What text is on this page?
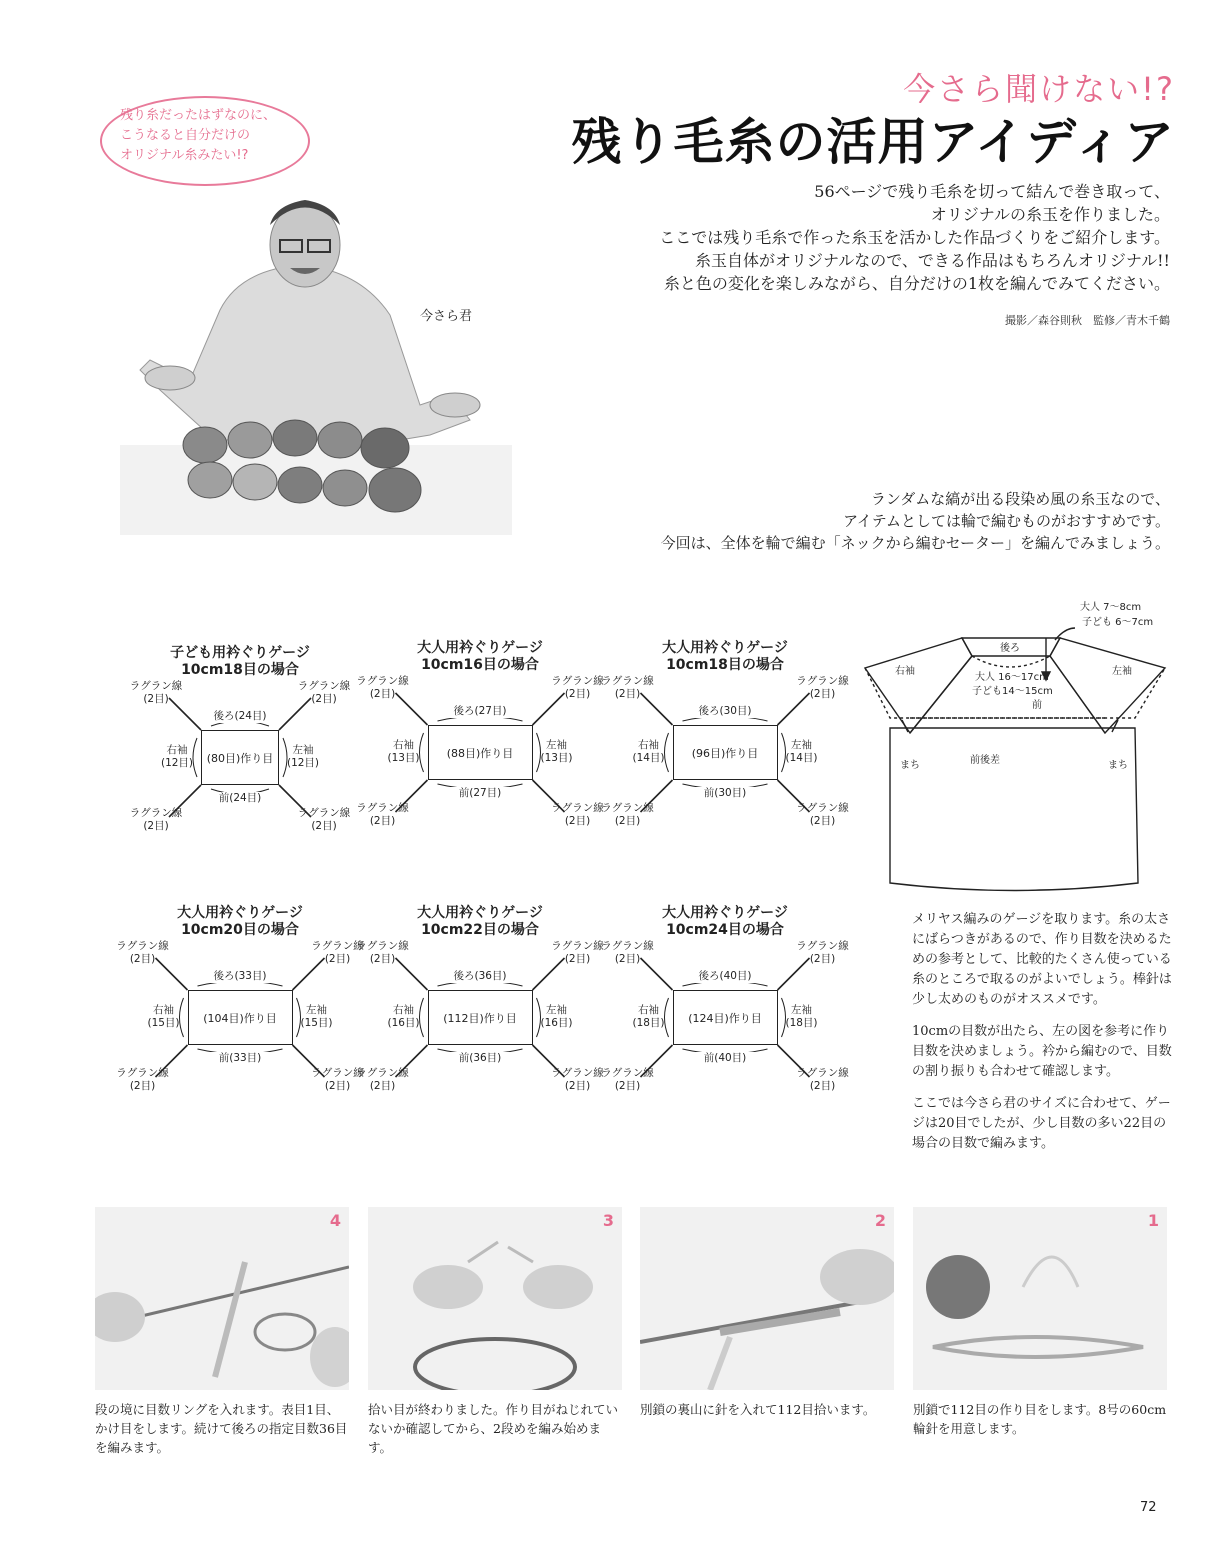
今さら聞けない!?
残り毛糸の活用アイディア
56ページで残り毛糸を切って結んで巻き取って、
オリジナルの糸玉を作りました。
ここでは残り毛糸で作った糸玉を活かした作品づくりをご紹介します。
糸玉自体がオリジナルなので、できる作品はもちろんオリジナル!!
糸と色の変化を楽しみながら、自分だけの1枚を編んでみてください。
撮影／森谷則秋　監修／青木千鶴
残り糸だったはずなのに、
こうなると自分だけの
オリジナル糸みたい!?
今さら君
ランダムな縞が出る段染め風の糸玉なので、
アイテムとしては輪で編むものがおすすめです。
今回は、全体を輪で編む「ネックから編むセーター」を編んでみましょう。
子ども用衿ぐりゲージ
10cm18目の場合
(80目)作り目
後ろ(24目)
前(24目)
右袖
(12目)
左袖
(12目)
ラグラン線
(2目)
ラグラン線
(2目)
ラグラン線
(2目)
ラグラン線
(2目)
大人用衿ぐりゲージ
10cm16目の場合
(88目)作り目
後ろ(27目)
前(27目)
右袖
(13目)
左袖
(13目)
ラグラン線
(2目)
ラグラン線
(2目)
ラグラン線
(2目)
ラグラン線
(2目)
大人用衿ぐりゲージ
10cm18目の場合
(96目)作り目
後ろ(30目)
前(30目)
右袖
(14目)
左袖
(14目)
ラグラン線
(2目)
ラグラン線
(2目)
ラグラン線
(2目)
ラグラン線
(2目)
大人用衿ぐりゲージ
10cm20目の場合
(104目)作り目
後ろ(33目)
前(33目)
右袖
(15目)
左袖
(15目)
ラグラン線
(2目)
ラグラン線
(2目)
ラグラン線
(2目)
ラグラン線
(2目)
大人用衿ぐりゲージ
10cm22目の場合
(112目)作り目
後ろ(36目)
前(36目)
右袖
(16目)
左袖
(16目)
ラグラン線
(2目)
ラグラン線
(2目)
ラグラン線
(2目)
ラグラン線
(2目)
大人用衿ぐりゲージ
10cm24目の場合
(124目)作り目
後ろ(40目)
前(40目)
右袖
(18目)
左袖
(18目)
ラグラン線
(2目)
ラグラン線
(2目)
ラグラン線
(2目)
ラグラン線
(2目)
大人 7〜8cm
子ども 6〜7cm
後ろ
右袖	左袖
大人 16〜17cm
子ども14〜15cm
前
まち	前後差	まち

メリヤス編みのゲージを取ります。糸の太さにばらつきがあるので、作り目数を決めるための参考として、比較的たくさん使っている糸のところで取るのがよいでしょう。棒針は少し太めのものがオススメです。

10cmの目数が出たら、左の図を参考に作り目数を決めましょう。衿から編むので、目数の割り振りも合わせて確認します。

ここでは今さら君のサイズに合わせて、ゲージは20目でしたが、少し目数の多い22目の場合の目数で編みます。

4	3	2	1
段の境に目数リングを入れます。表目1目、かけ目をします。続けて後ろの指定目数36目を編みます。
拾い目が終わりました。作り目がねじれていないか確認してから、2段めを編み始めます。
別鎖の裏山に針を入れて112目拾います。	別鎖で112目の作り目をします。8号の60cm輪針を用意します。
72
